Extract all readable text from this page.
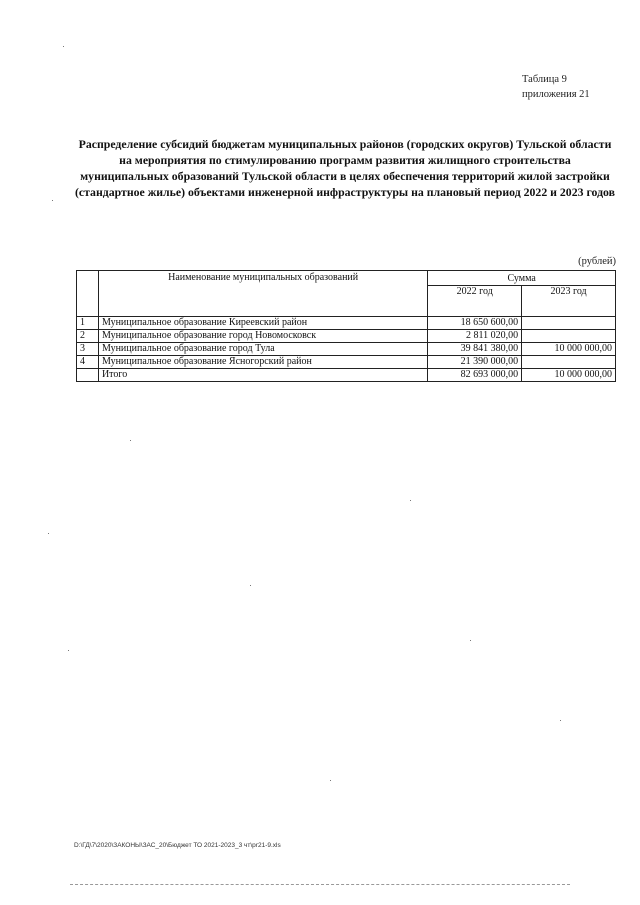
Таблица 9
приложения 21
Распределение субсидий бюджетам муниципальных районов (городских округов) Тульской области на мероприятия по стимулированию программ развития жилищного строительства муниципальных образований Тульской области в целях обеспечения территорий жилой застройки (стандартное жилье) объектами инженерной инфраструктуры на плановый период 2022 и 2023 годов
(рублей)
	Наименование муниципальных образований	Сумма	
		2022 год	2023 год
1	Муниципальное образование Киреевский район	18 650 600,00	
2	Муниципальное образование город Новомосковск	2 811 020,00	
3	Муниципальное образование город Тула	39 841 380,00	10 000 000,00
4	Муниципальное образование Ясногорский район	21 390 000,00	
	Итого	82 693 000,00	10 000 000,00
D:\ГД\7\2020\ЗАКОНЫ\ЗАС_20\Бюджет ТО 2021-2023_3 чт\pr21-9.xls
